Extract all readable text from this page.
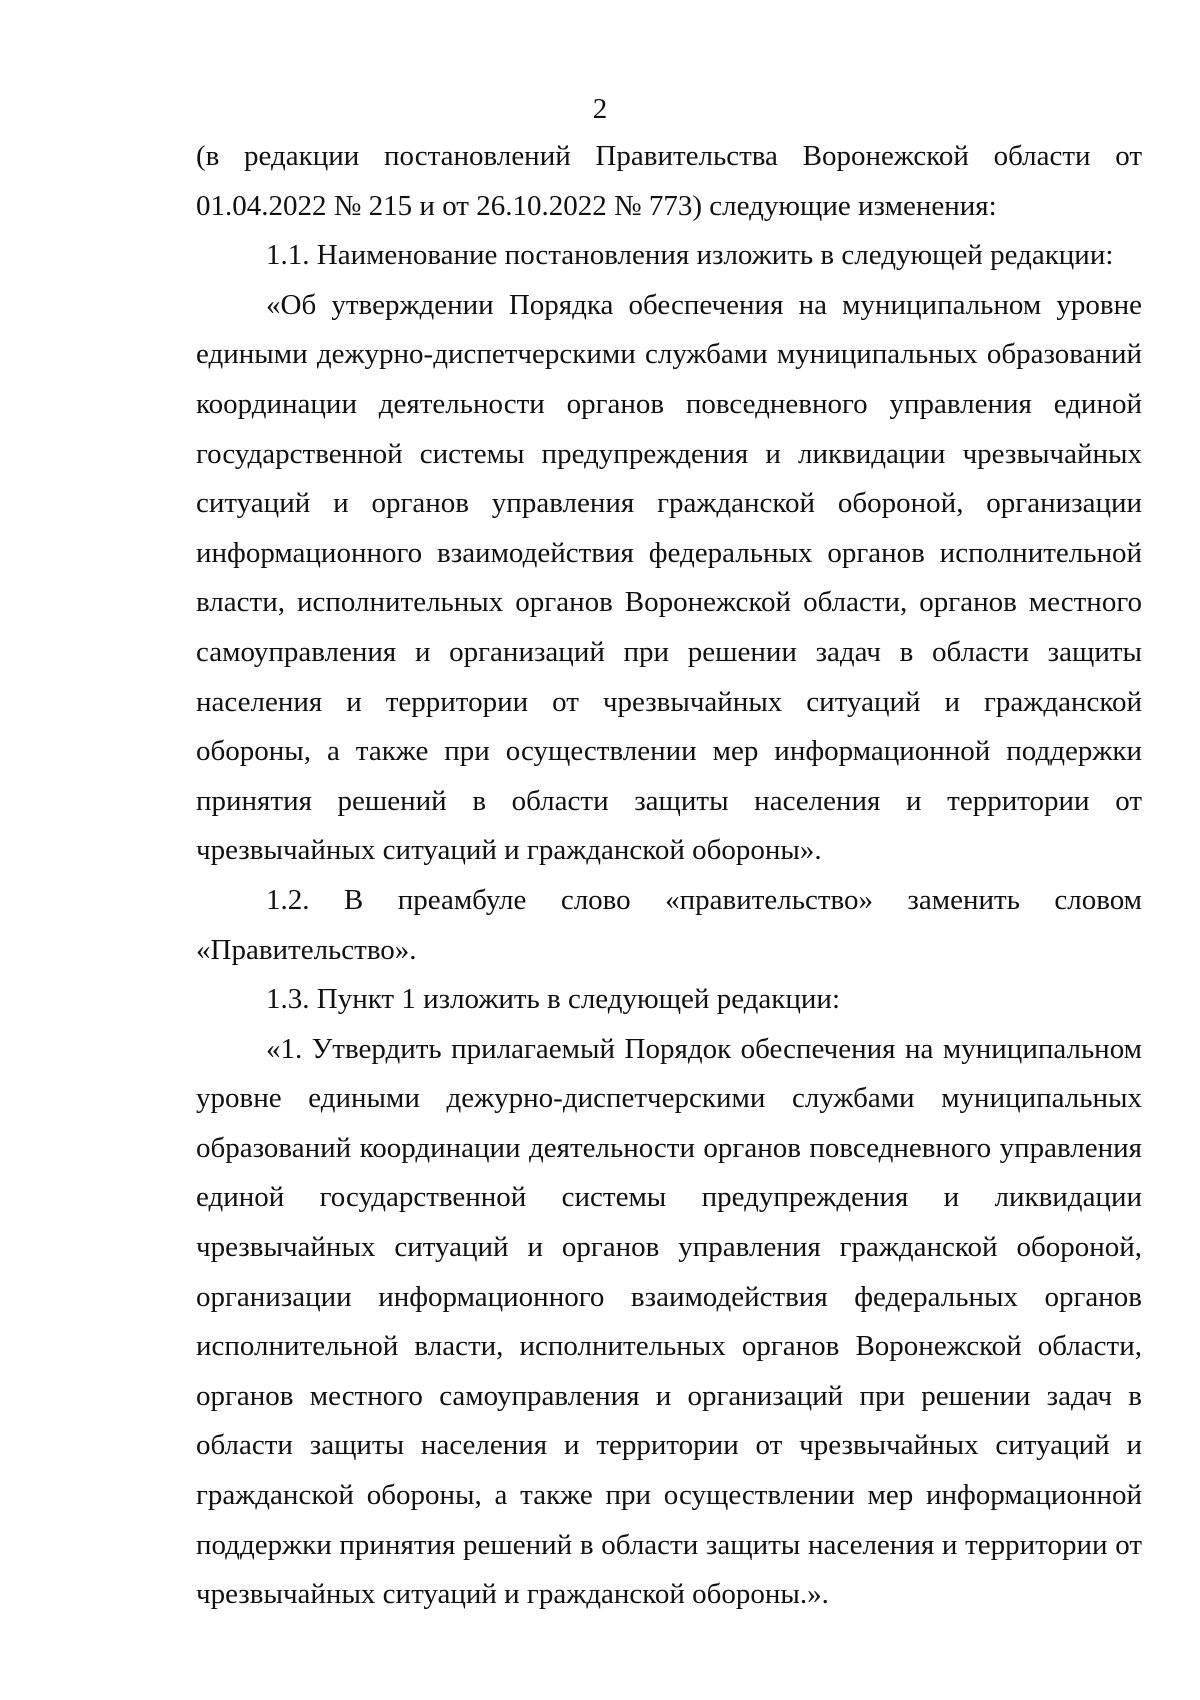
2

(в редакции постановлений Правительства Воронежской области от 01.04.2022 № 215 и от 26.10.2022 № 773) следующие изменения:

1.1. Наименование постановления изложить в следующей редакции:

«Об утверждении Порядка обеспечения на муниципальном уровне едиными дежурно-диспетчерскими службами муниципальных образований координации деятельности органов повседневного управления единой государственной системы предупреждения и ликвидации чрезвычайных ситуаций и органов управления гражданской обороной, организации информационного взаимодействия федеральных органов исполнительной власти, исполнительных органов Воронежской области, органов местного самоуправления и организаций при решении задач в области защиты населения и территории от чрезвычайных ситуаций и гражданской обороны, а также при осуществлении мер информационной поддержки принятия решений в области защиты населения и территории от чрезвычайных ситуаций и гражданской обороны».

1.2. В преамбуле слово «правительство» заменить словом «Правительство».

1.3. Пункт 1 изложить в следующей редакции:

«1. Утвердить прилагаемый Порядок обеспечения на муниципальном уровне едиными дежурно-диспетчерскими службами муниципальных образований координации деятельности органов повседневного управления единой государственной системы предупреждения и ликвидации чрезвычайных ситуаций и органов управления гражданской обороной, организации информационного взаимодействия федеральных органов исполнительной власти, исполнительных органов Воронежской области, органов местного самоуправления и организаций при решении задач в области защиты населения и территории от чрезвычайных ситуаций и гражданской обороны, а также при осуществлении мер информационной поддержки принятия решений в области защиты населения и территории от чрезвычайных ситуаций и гражданской обороны.».
